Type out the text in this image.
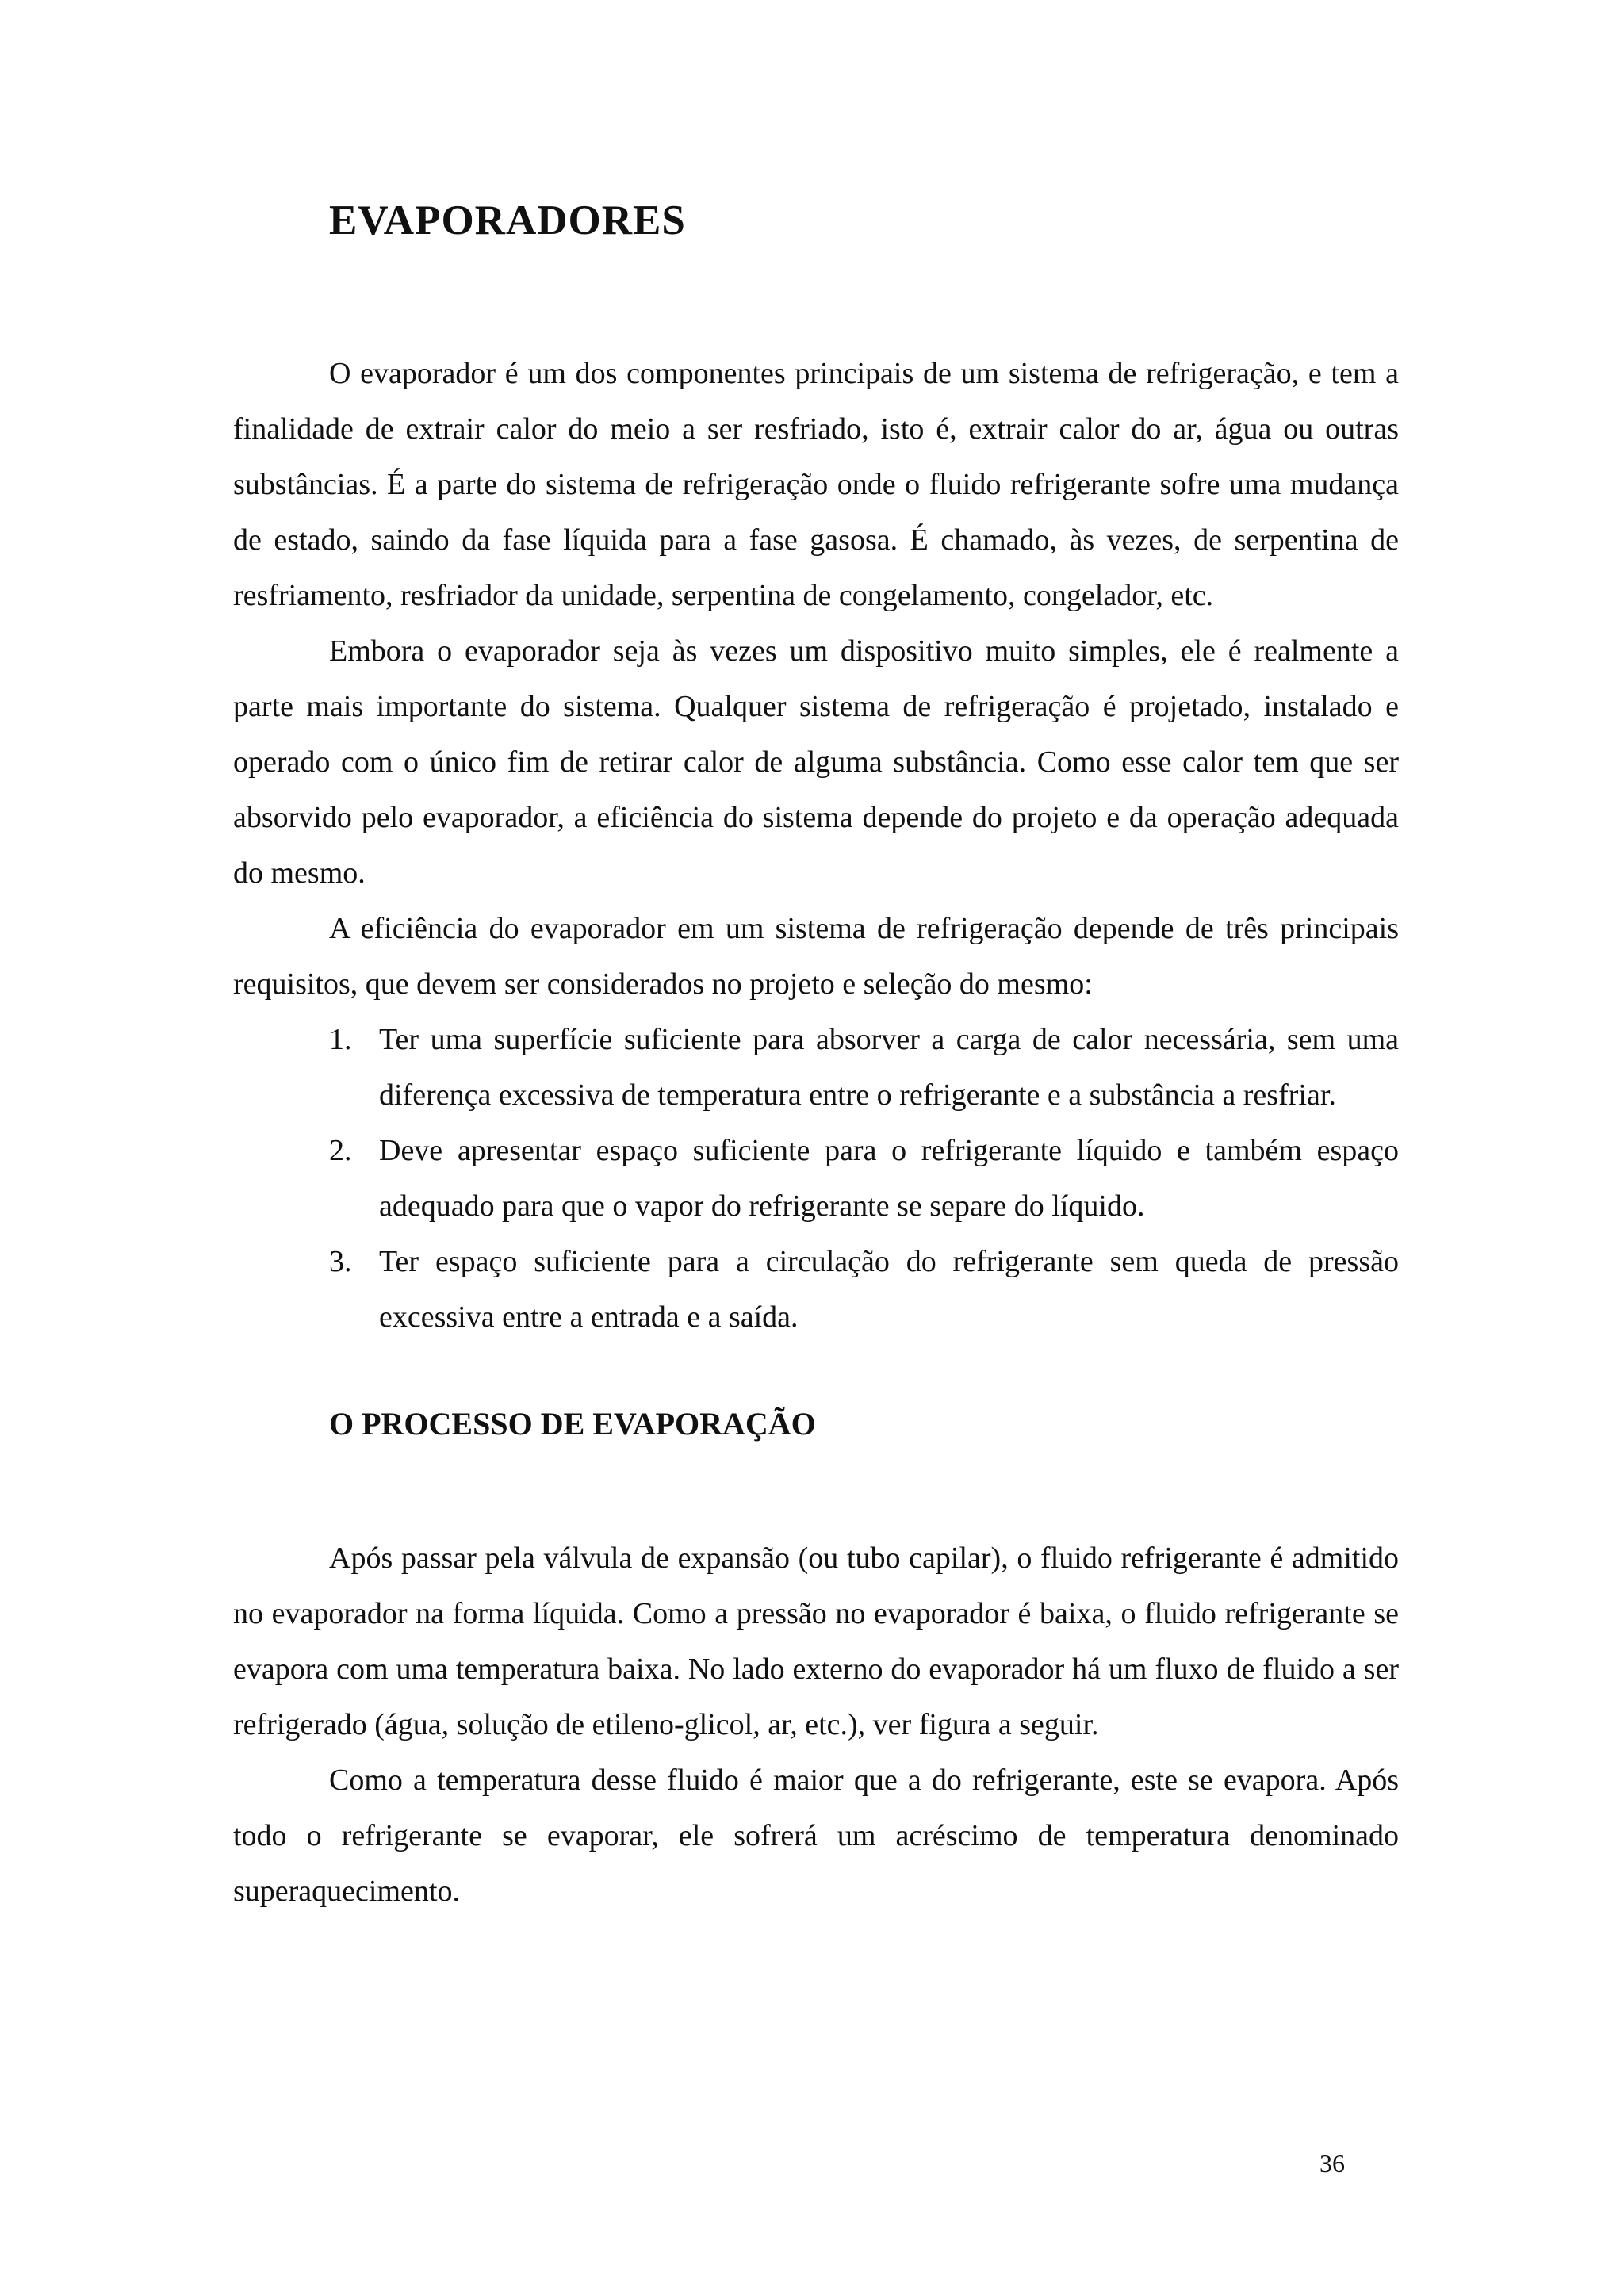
EVAPORADORES

O evaporador é um dos componentes principais de um sistema de refrigeração, e tem a finalidade de extrair calor do meio a ser resfriado, isto é, extrair calor do ar, água ou outras substâncias. É a parte do sistema de refrigeração onde o fluido refrigerante sofre uma mudança de estado, saindo da fase líquida para a fase gasosa. É chamado, às vezes, de serpentina de resfriamento, resfriador da unidade, serpentina de congelamento, congelador, etc.

Embora o evaporador seja às vezes um dispositivo muito simples, ele é realmente a parte mais importante do sistema. Qualquer sistema de refrigeração é projetado, instalado e operado com o único fim de retirar calor de alguma substância. Como esse calor tem que ser absorvido pelo evaporador, a eficiência do sistema depende do projeto e da operação adequada do mesmo.

A eficiência do evaporador em um sistema de refrigeração depende de três principais requisitos, que devem ser considerados no projeto e seleção do mesmo:

1. Ter uma superfície suficiente para absorver a carga de calor necessária, sem uma diferença excessiva de temperatura entre o refrigerante e a substância a resfriar.
2. Deve apresentar espaço suficiente para o refrigerante líquido e também espaço adequado para que o vapor do refrigerante se separe do líquido.
3. Ter espaço suficiente para a circulação do refrigerante sem queda de pressão excessiva entre a entrada e a saída.
O PROCESSO DE EVAPORAÇÃO

Após passar pela válvula de expansão (ou tubo capilar), o fluido refrigerante é admitido no evaporador na forma líquida. Como a pressão no evaporador é baixa, o fluido refrigerante se evapora com uma temperatura baixa. No lado externo do evaporador há um fluxo de fluido a ser refrigerado (água, solução de etileno-glicol, ar, etc.), ver figura a seguir.

Como a temperatura desse fluido é maior que a do refrigerante, este se evapora. Após todo o refrigerante se evaporar, ele sofrerá um acréscimo de temperatura denominado superaquecimento.

36
